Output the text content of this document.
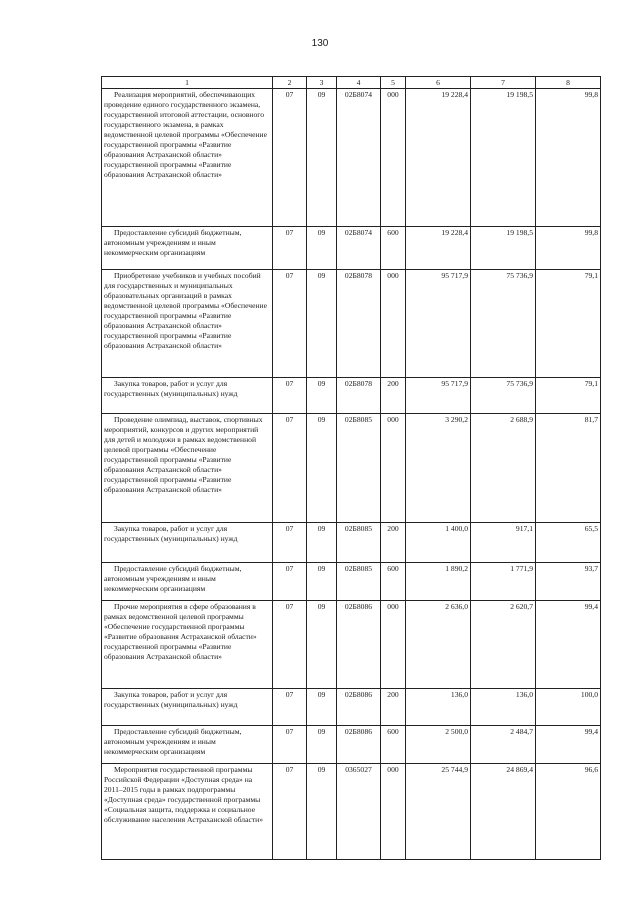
130
1	2	3	4	5	6	7	8
Реализация мероприятий, обеспечивающих проведение единого государственного экзамена, государственной итоговой аттестации, основного государственного экзамена, в рамках ведомственной целевой программы «Обеспечение государственной программы «Развитие образования Астраханской области» государственной программы «Развитие образования Астраханской области»	07	09	02Б8074	000	19 228,4	19 198,5	99,8
Предоставление субсидий бюджетным, автономным учреждениям и иным некоммерческим организациям	07	09	02Б8074	600	19 228,4	19 198,5	99,8
Приобретение учебников и учебных пособий для государственных и муниципальных образовательных организаций в рамках ведомственной целевой программы «Обеспечение государственной программы «Развитие образования Астраханской области» государственной программы «Развитие образования Астраханской области»	07	09	02Б8078	000	95 717,9	75 736,9	79,1
Закупка товаров, работ и услуг для государственных (муниципальных) нужд	07	09	02Б8078	200	95 717,9	75 736,9	79,1
Проведение олимпиад, выставок, спортивных мероприятий, конкурсов и других мероприятий для детей и молодежи в рамках ведомственной целевой программы «Обеспечение государственной программы «Развитие образования Астраханской области» государственной программы «Развитие образования Астраханской области»	07	09	02Б8085	000	3 290,2	2 688,9	81,7
Закупка товаров, работ и услуг для государственных (муниципальных) нужд	07	09	02Б8085	200	1 400,0	917,1	65,5
Предоставление субсидий бюджетным, автономным учреждениям и иным некоммерческим организациям	07	09	02Б8085	600	1 890,2	1 771,9	93,7
Прочие мероприятия в сфере образования в рамках ведомственной целевой программы «Обеспечение государственной программы «Развитие образования Астраханской области» государственной программы «Развитие образования Астраханской области»	07	09	02Б8086	000	2 636,0	2 620,7	99,4
Закупка товаров, работ и услуг для государственных (муниципальных) нужд	07	09	02Б8086	200	136,0	136,0	100,0
Предоставление субсидий бюджетным, автономным учреждениям и иным некоммерческим организациям	07	09	02Б8086	600	2 500,0	2 484,7	99,4
Мероприятия государственной программы Российской Федерации «Доступная среда» на 2011–2015 годы в рамках подпрограммы «Доступная среда» государственной программы «Социальная защита, поддержка и социальное обслуживание населения Астраханской области»	07	09	0365027	000	25 744,9	24 869,4	96,6
